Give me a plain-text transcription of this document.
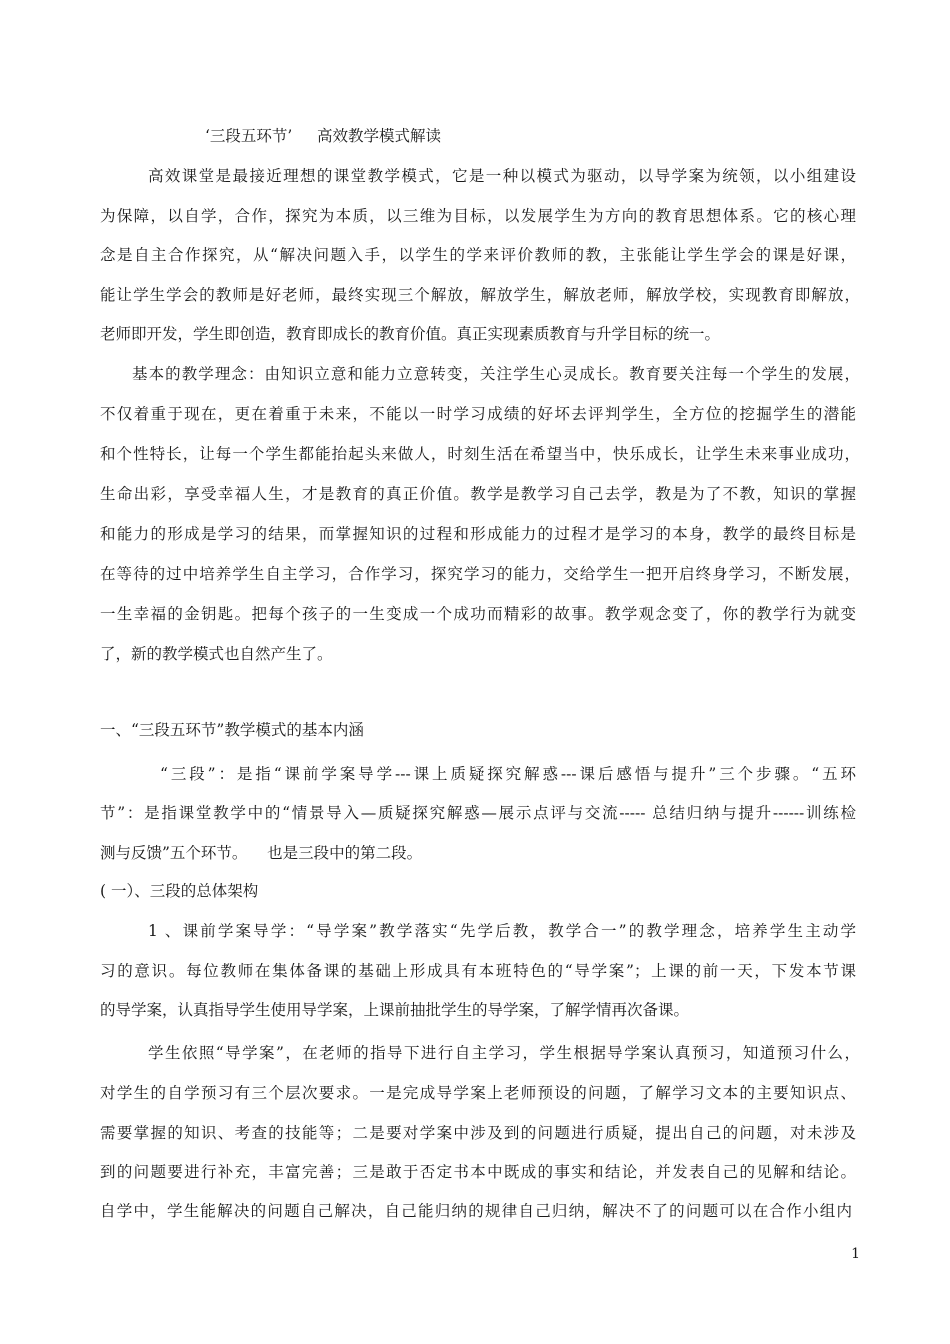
‘三段五环节’     高效教学模式解读
高效课堂是最接近理想的课堂教学模式，它是一种以模式为驱动，以导学案为统领，以小组建设
为保障，以自学，合作，探究为本质，以三维为目标，以发展学生为方向的教育思想体系。它的核心理
念是自主合作探究，从“解决问题入手，以学生的学来评价教师的教，主张能让学生学会的课是好课，
能让学生学会的教师是好老师，最终实现三个解放，解放学生，解放老师，解放学校，实现教育即解放，
老师即开发，学生即创造，教育即成长的教育价值。真正实现素质教育与升学目标的统一。
基本的教学理念：由知识立意和能力立意转变，关注学生心灵成长。教育要关注每一个学生的发展，
不仅着重于现在，更在着重于未来，不能以一时学习成绩的好坏去评判学生，全方位的挖掘学生的潜能
和个性特长，让每一个学生都能抬起头来做人，时刻生活在希望当中，快乐成长，让学生未来事业成功，
生命出彩，享受幸福人生，才是教育的真正价值。教学是教学习自己去学，教是为了不教，知识的掌握
和能力的形成是学习的结果，而掌握知识的过程和形成能力的过程才是学习的本身，教学的最终目标是
在等待的过中培养学生自主学习，合作学习，探究学习的能力，交给学生一把开启终身学习，不断发展，
一生幸福的金钥匙。把每个孩子的一生变成一个成功而精彩的故事。教学观念变了，你的教学行为就变
了，新的教学模式也自然产生了。
一、“三段五环节”教学模式的基本内涵
“三段”：是指“课前学案导学---课上质疑探究解惑---课后感悟与提升”三个步骤。“五环
节”：是指课堂教学中的“情景导入—质疑探究解惑—展示点评与交流----- 总结归纳与提升------训练检
测与反馈”五个环节。    也是三段中的第二段。
( 一）、三段的总体架构
1 、课前学案导学：“导学案”教学落实“先学后教，教学合一”的教学理念，培养学生主动学
习的意识。每位教师在集体备课的基础上形成具有本班特色的“导学案”；上课的前一天，下发本节课
的导学案，认真指导学生使用导学案，上课前抽批学生的导学案，了解学情再次备课。
学生依照“导学案”，在老师的指导下进行自主学习，学生根据导学案认真预习，知道预习什么，
对学生的自学预习有三个层次要求。一是完成导学案上老师预设的问题，了解学习文本的主要知识点、
需要掌握的知识、考查的技能等；二是要对学案中涉及到的问题进行质疑，提出自己的问题，对未涉及
到的问题要进行补充，丰富完善；三是敢于否定书本中既成的事实和结论，并发表自己的见解和结论。
自学中，学生能解决的问题自己解决，自己能归纳的规律自己归纳，解决不了的问题可以在合作小组内
1
